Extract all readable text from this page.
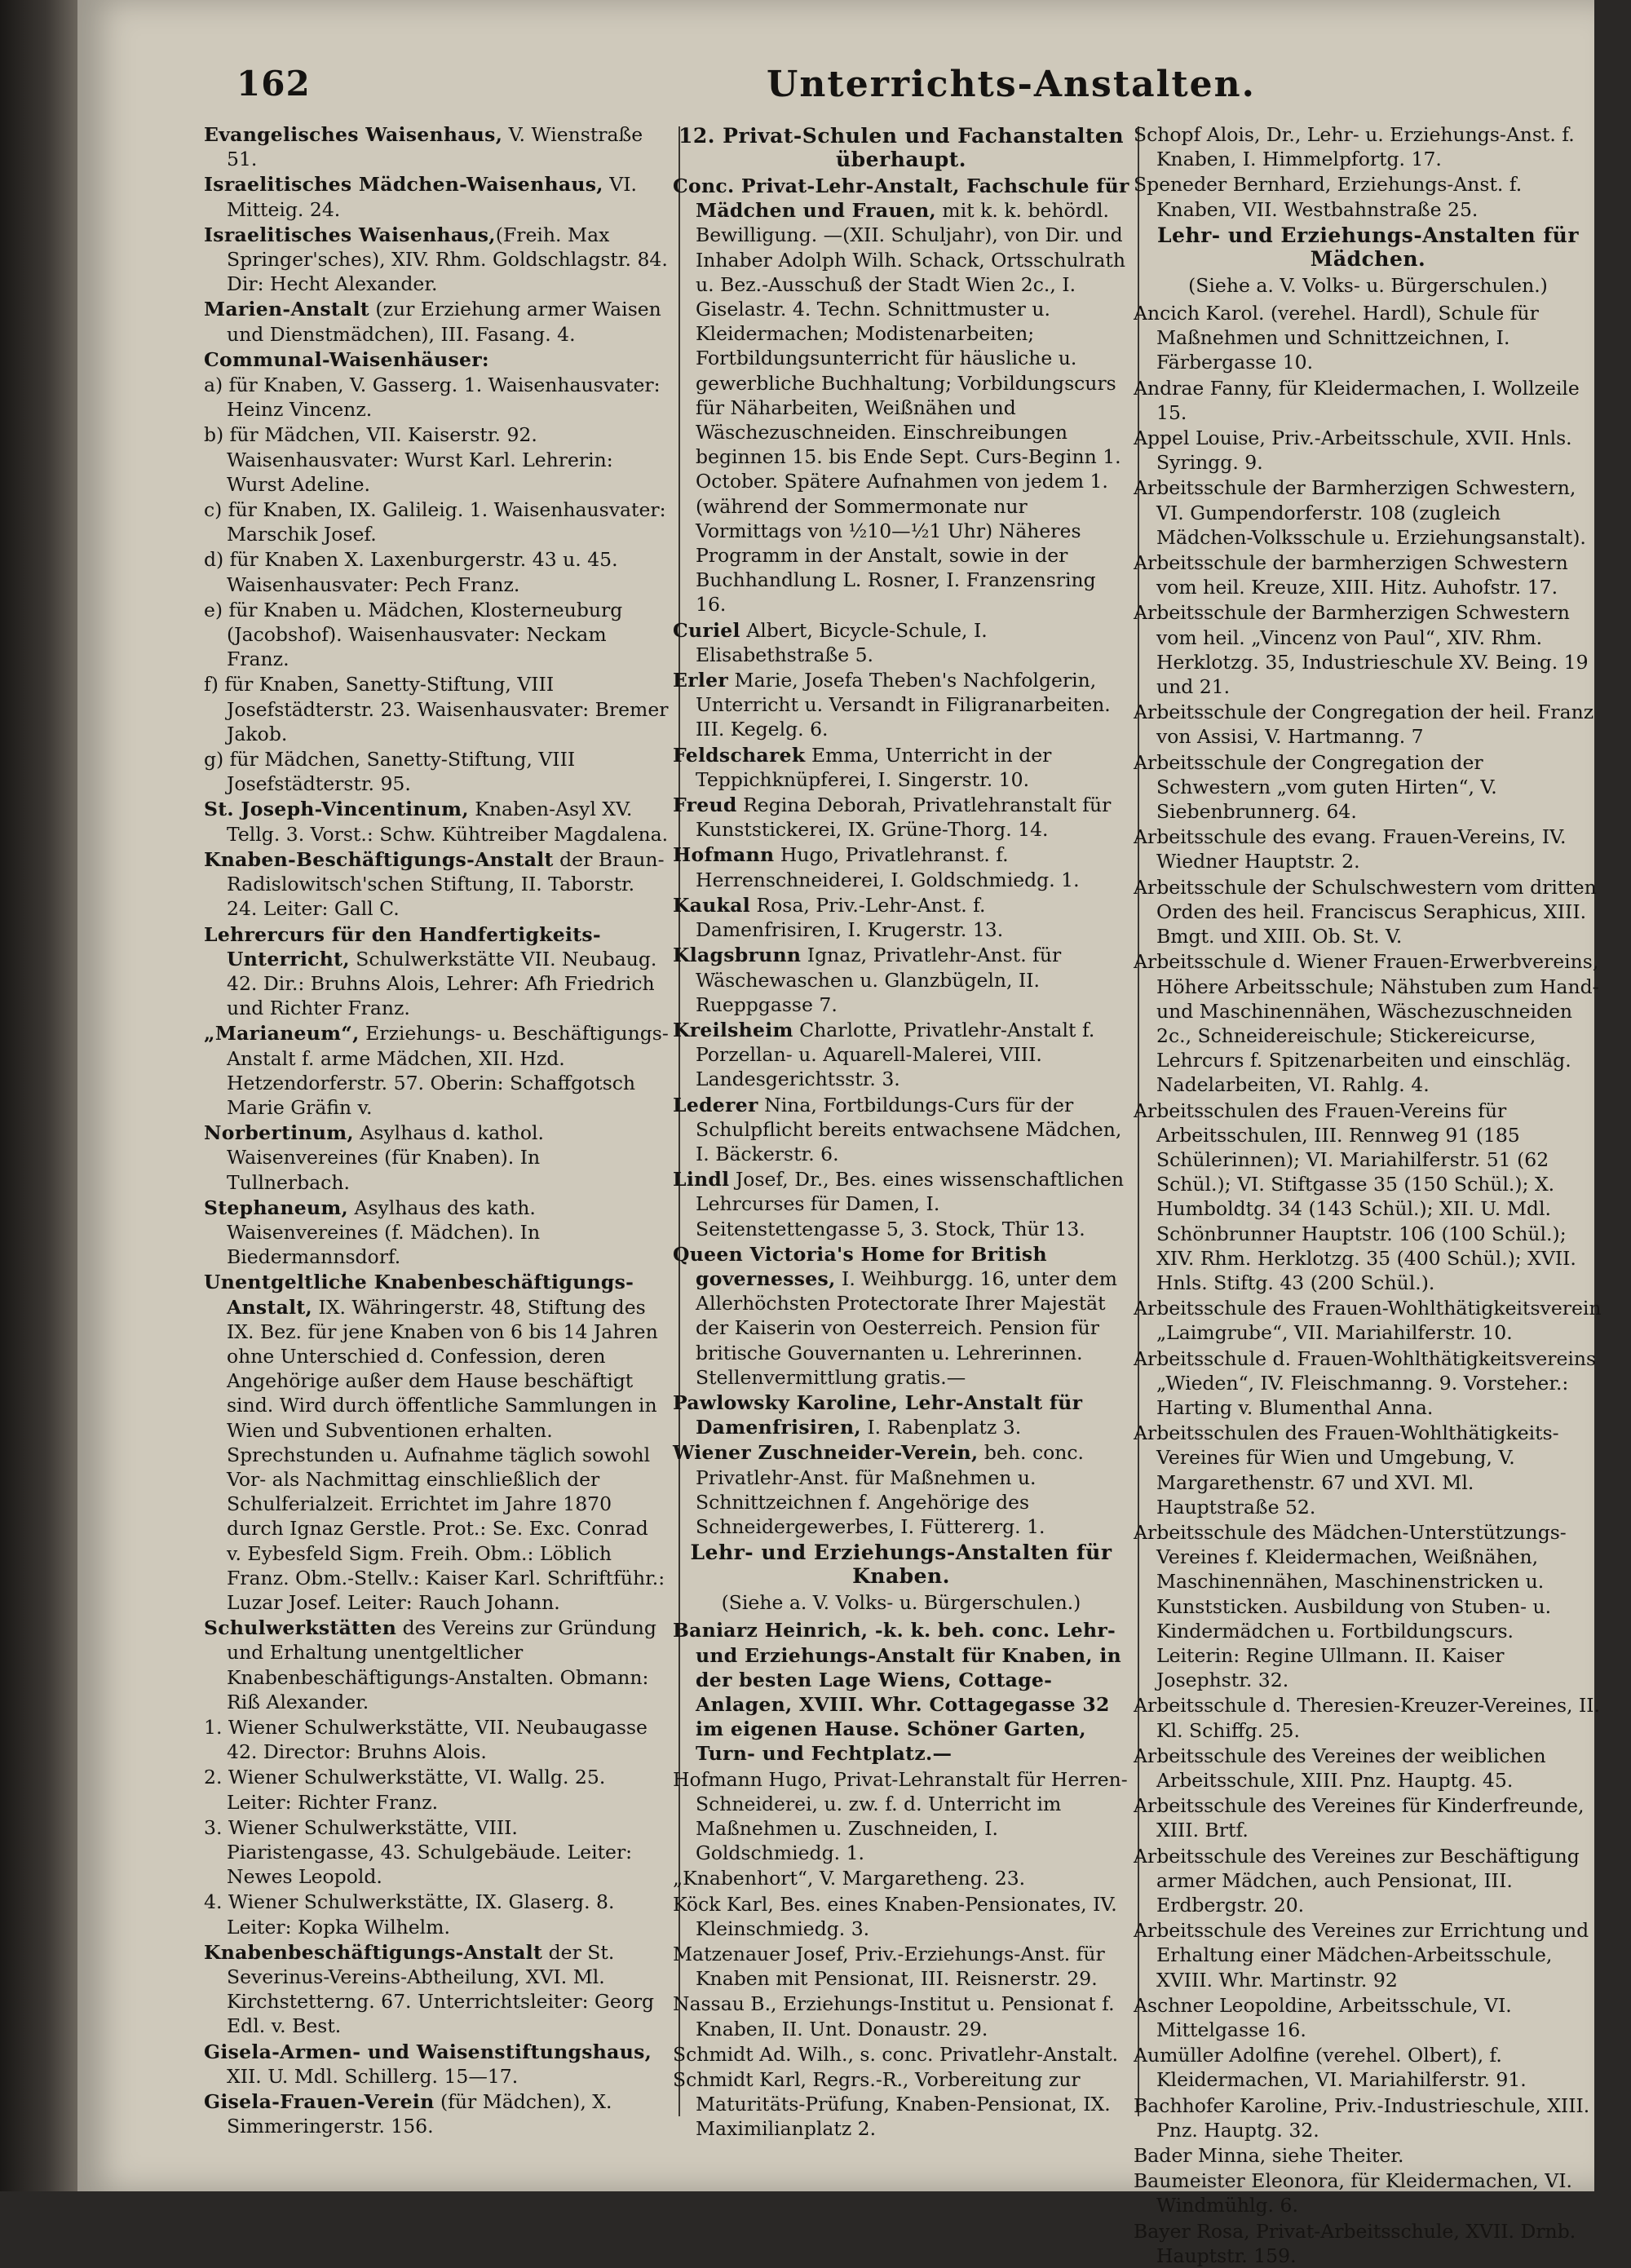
162	Unterrichts-Anstalten.
Evangelisches Waisenhaus, V. Wienstraße 51.
Israelitisches Mädchen-Waisenhaus, VI. Mitteig. 24.
Israelitisches Waisenhaus,(Freih. Max Springer'sches), XIV. Rhm. Goldschlagstr. 84. Dir: Hecht Alexander.
Marien-Anstalt (zur Erziehung armer Waisen und Dienstmädchen), III. Fasang. 4.
Communal-Waisenhäuser:
a) für Knaben, V. Gasserg. 1. Waisenhausvater: Heinz Vincenz.
b) für Mädchen, VII. Kaiserstr. 92. Waisenhausvater: Wurst Karl. Lehrerin: Wurst Adeline.
c) für Knaben, IX. Galileig. 1. Waisenhausvater: Marschik Josef.
d) für Knaben X. Laxenburgerstr. 43 u. 45. Waisenhausvater: Pech Franz.
e) für Knaben u. Mädchen, Klosterneuburg (Jacobshof). Waisenhausvater: Neckam Franz.
f) für Knaben, Sanetty-Stiftung, VIII Josefstädterstr. 23. Waisenhausvater: Bremer Jakob.
g) für Mädchen, Sanetty-Stiftung, VIII Josefstädterstr. 95.
St. Joseph-Vincentinum, Knaben-Asyl XV. Tellg. 3. Vorst.: Schw. Kühtreiber Magdalena.
Knaben-Beschäftigungs-Anstalt der Braun-Radislowitsch'schen Stiftung, II. Taborstr. 24. Leiter: Gall C.
Lehrercurs für den Handfertigkeits-Unterricht, Schulwerkstätte VII. Neubaug. 42. Dir.: Bruhns Alois, Lehrer: Afh Friedrich und Richter Franz.
„Marianeum“, Erziehungs- u. Beschäftigungs-Anstalt f. arme Mädchen, XII. Hzd. Hetzendorferstr. 57. Oberin: Schaffgotsch Marie Gräfin v.
Norbertinum, Asylhaus d. kathol. Waisenvereines (für Knaben). In Tullnerbach.
Stephaneum, Asylhaus des kath. Waisenvereines (f. Mädchen). In Biedermannsdorf.
Unentgeltliche Knabenbeschäftigungs-Anstalt, IX. Währingerstr. 48, Stiftung des IX. Bez. für jene Knaben von 6 bis 14 Jahren ohne Unterschied d. Confession, deren Angehörige außer dem Hause beschäftigt sind. Wird durch öffentliche Sammlungen in Wien und Subventionen erhalten. Sprechstunden u. Aufnahme täglich sowohl Vor- als Nachmittag einschließlich der Schulferialzeit. Errichtet im Jahre 1870 durch Ignaz Gerstle. Prot.: Se. Exc. Conrad v. Eybesfeld Sigm. Freih. Obm.: Löblich Franz. Obm.-Stellv.: Kaiser Karl. Schriftführ.: Luzar Josef. Leiter: Rauch Johann.
Schulwerkstätten des Vereins zur Gründung und Erhaltung unentgeltlicher Knabenbeschäftigungs-Anstalten. Obmann: Riß Alexander.
1. Wiener Schulwerkstätte, VII. Neubaugasse 42. Director: Bruhns Alois.
2. Wiener Schulwerkstätte, VI. Wallg. 25. Leiter: Richter Franz.
3. Wiener Schulwerkstätte, VIII. Piaristengasse, 43. Schulgebäude. Leiter: Newes Leopold.
4. Wiener Schulwerkstätte, IX. Glaserg. 8. Leiter: Kopka Wilhelm.
Knabenbeschäftigungs-Anstalt der St. Severinus-Vereins-Abtheilung, XVI. Ml. Kirchstetterng. 67. Unterrichtsleiter: Georg Edl. v. Best.
Gisela-Armen- und Waisenstiftungshaus, XII. U. Mdl. Schillerg. 15—17.
Gisela-Frauen-Verein (für Mädchen), X. Simmeringerstr. 156.
12. Privat-Schulen und Fachanstalten überhaupt.
Conc. Privat-Lehr-Anstalt, Fachschule für Mädchen und Frauen, mit k. k. behördl. Bewilligung. —(XII. Schuljahr), von Dir. und Inhaber Adolph Wilh. Schack, Ortsschulrath u. Bez.-Ausschuß der Stadt Wien 2c., I. Giselastr. 4. Techn. Schnittmuster u. Kleidermachen; Modistenarbeiten; Fortbildungsunterricht für häusliche u. gewerbliche Buchhaltung; Vorbildungscurs für Näharbeiten, Weißnähen und Wäschezuschneiden. Einschreibungen beginnen 15. bis Ende Sept. Curs-Beginn 1. October. Spätere Aufnahmen von jedem 1. (während der Sommermonate nur Vormittags von ½10—½1 Uhr) Näheres Programm in der Anstalt, sowie in der Buchhandlung L. Rosner, I. Franzensring 16.
Curiel Albert, Bicycle-Schule, I. Elisabethstraße 5.
Erler Marie, Josefa Theben's Nachfolgerin, Unterricht u. Versandt in Filigranarbeiten. III. Kegelg. 6.
Feldscharek Emma, Unterricht in der Teppichknüpferei, I. Singerstr. 10.
Freud Regina Deborah, Privatlehranstalt für Kunststickerei, IX. Grüne-Thorg. 14.
Hofmann Hugo, Privatlehranst. f. Herrenschneiderei, I. Goldschmiedg. 1.
Kaukal Rosa, Priv.-Lehr-Anst. f. Damenfrisiren, I. Krugerstr. 13.
Klagsbrunn Ignaz, Privatlehr-Anst. für Wäschewaschen u. Glanzbügeln, II. Rueppgasse 7.
Kreilsheim Charlotte, Privatlehr-Anstalt f. Porzellan- u. Aquarell-Malerei, VIII. Landesgerichtsstr. 3.
Lederer Nina, Fortbildungs-Curs für der Schulpflicht bereits entwachsene Mädchen, I. Bäckerstr. 6.
Lindl Josef, Dr., Bes. eines wissenschaftlichen Lehrcurses für Damen, I. Seitenstettengasse 5, 3. Stock, Thür 13.
Queen Victoria's Home for British governesses, I. Weihburgg. 16, unter dem Allerhöchsten Protectorate Ihrer Majestät der Kaiserin von Oesterreich. Pension für britische Gouvernanten u. Lehrerinnen. Stellenvermittlung gratis.—
Pawlowsky Karoline, Lehr-Anstalt für Damenfrisiren, I. Rabenplatz 3.
Wiener Zuschneider-Verein, beh. conc. Privatlehr-Anst. für Maßnehmen u. Schnittzeichnen f. Angehörige des Schneidergewerbes, I. Füttererg. 1.
Lehr- und Erziehungs-Anstalten für Knaben.
(Siehe a. V. Volks- u. Bürgerschulen.)
Baniarz Heinrich, -k. k. beh. conc. Lehr- und Erziehungs-Anstalt für Knaben, in der besten Lage Wiens, Cottage-Anlagen, XVIII. Whr. Cottagegasse 32 im eigenen Hause. Schöner Garten, Turn- und Fechtplatz.—
Hofmann Hugo, Privat-Lehranstalt für Herren-Schneiderei, u. zw. f. d. Unterricht im Maßnehmen u. Zuschneiden, I. Goldschmiedg. 1.
„Knabenhort“, V. Margaretheng. 23.
Köck Karl, Bes. eines Knaben-Pensionates, IV. Kleinschmiedg. 3.
Matzenauer Josef, Priv.-Erziehungs-Anst. für Knaben mit Pensionat, III. Reisnerstr. 29.
Nassau B., Erziehungs-Institut u. Pensionat f. Knaben, II. Unt. Donaustr. 29.
Schmidt Ad. Wilh., s. conc. Privatlehr-Anstalt.
Schmidt Karl, Regrs.-R., Vorbereitung zur Maturitäts-Prüfung, Knaben-Pensionat, IX. Maximilianplatz 2.
Schopf Alois, Dr., Lehr- u. Erziehungs-Anst. f. Knaben, I. Himmelpfortg. 17.
Speneder Bernhard, Erziehungs-Anst. f. Knaben, VII. Westbahnstraße 25.
Lehr- und Erziehungs-Anstalten für Mädchen.
(Siehe a. V. Volks- u. Bürgerschulen.)
Ancich Karol. (verehel. Hardl), Schule für Maßnehmen und Schnittzeichnen, I. Färbergasse 10.
Andrae Fanny, für Kleidermachen, I. Wollzeile 15.
Appel Louise, Priv.-Arbeitsschule, XVII. Hnls. Syringg. 9.
Arbeitsschule der Barmherzigen Schwestern, VI. Gumpendorferstr. 108 (zugleich Mädchen-Volksschule u. Erziehungsanstalt).
Arbeitsschule der barmherzigen Schwestern vom heil. Kreuze, XIII. Hitz. Auhofstr. 17.
Arbeitsschule der Barmherzigen Schwestern vom heil. „Vincenz von Paul“, XIV. Rhm. Herklotzg. 35, Industrieschule XV. Being. 19 und 21.
Arbeitsschule der Congregation der heil. Franz von Assisi, V. Hartmanng. 7
Arbeitsschule der Congregation der Schwestern „vom guten Hirten“, V. Siebenbrunnerg. 64.
Arbeitsschule des evang. Frauen-Vereins, IV. Wiedner Hauptstr. 2.
Arbeitsschule der Schulschwestern vom dritten Orden des heil. Franciscus Seraphicus, XIII. Bmgt. und XIII. Ob. St. V.
Arbeitsschule d. Wiener Frauen-Erwerbvereins, Höhere Arbeitsschule; Nähstuben zum Hand- und Maschinennähen, Wäschezuschneiden 2c., Schneidereischule; Stickereicurse, Lehrcurs f. Spitzenarbeiten und einschläg. Nadelarbeiten, VI. Rahlg. 4.
Arbeitsschulen des Frauen-Vereins für Arbeitsschulen, III. Rennweg 91 (185 Schülerinnen); VI. Mariahilferstr. 51 (62 Schül.); VI. Stiftgasse 35 (150 Schül.); X. Humboldtg. 34 (143 Schül.); XII. U. Mdl. Schönbrunner Hauptstr. 106 (100 Schül.); XIV. Rhm. Herklotzg. 35 (400 Schül.); XVII. Hnls. Stiftg. 43 (200 Schül.).
Arbeitsschule des Frauen-Wohlthätigkeitsverein „Laimgrube“, VII. Mariahilferstr. 10.
Arbeitsschule d. Frauen-Wohlthätigkeitsvereins „Wieden“, IV. Fleischmanng. 9. Vorsteher.: Harting v. Blumenthal Anna.
Arbeitsschulen des Frauen-Wohlthätigkeits-Vereines für Wien und Umgebung, V. Margarethenstr. 67 und XVI. Ml. Hauptstraße 52.
Arbeitsschule des Mädchen-Unterstützungs-Vereines f. Kleidermachen, Weißnähen, Maschinennähen, Maschinenstricken u. Kunststicken. Ausbildung von Stuben- u. Kindermädchen u. Fortbildungscurs. Leiterin: Regine Ullmann. II. Kaiser Josephstr. 32.
Arbeitsschule d. Theresien-Kreuzer-Vereines, II. Kl. Schiffg. 25.
Arbeitsschule des Vereines der weiblichen Arbeitsschule, XIII. Pnz. Hauptg. 45.
Arbeitsschule des Vereines für Kinderfreunde, XIII. Brtf.
Arbeitsschule des Vereines zur Beschäftigung armer Mädchen, auch Pensionat, III. Erdbergstr. 20.
Arbeitsschule des Vereines zur Errichtung und Erhaltung einer Mädchen-Arbeitsschule, XVIII. Whr. Martinstr. 92
Aschner Leopoldine, Arbeitsschule, VI. Mittelgasse 16.
Aumüller Adolfine (verehel. Olbert), f. Kleidermachen, VI. Mariahilferstr. 91.
Bachhofer Karoline, Priv.-Industrieschule, XIII. Pnz. Hauptg. 32.
Bader Minna, siehe Theiter.
Baumeister Eleonora, für Kleidermachen, VI. Windmühlg. 6.
Bayer Rosa, Privat-Arbeitsschule, XVII. Drnb. Hauptstr. 159.
